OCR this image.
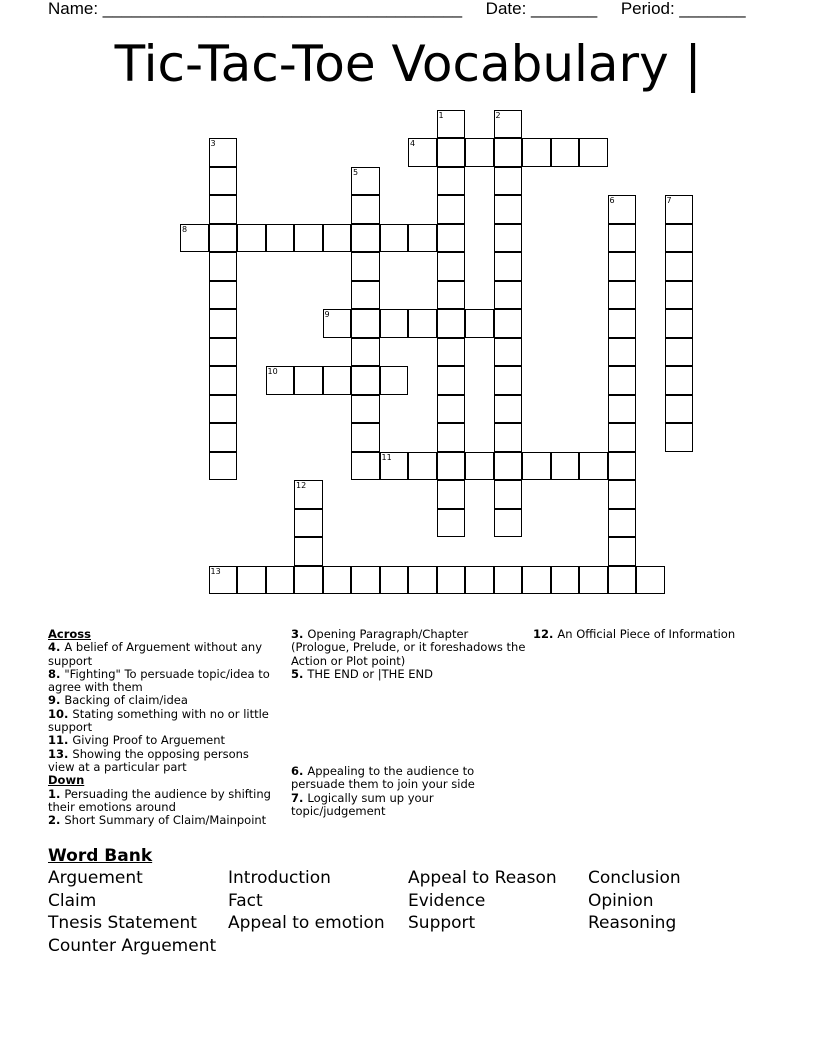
Name: ______________________________________     Date: _______     Period: _______
Tic-Tac-Toe Vocabulary |
1	2
3	4
5
6	7
8
9
10
11
12
13
Across
4. A belief of Arguement without any support
8. "Fighting" To persuade topic/idea to agree with them
9. Backing of claim/idea
10. Stating something with no or little support
11. Giving Proof to Arguement
13. Showing the opposing persons view at a particular part
Down
1. Persuading the audience by shifting their emotions around
2. Short Summary of Claim/Mainpoint
3. Opening Paragraph/Chapter (Prologue, Prelude, or it foreshadows the Action or Plot point)
5. THE END or |THE END
6. Appealing to the audience to persuade them to join your side
7. Logically sum up your topic/judgement
12. An Official Piece of Information
Word Bank
Arguement	Introduction	Appeal to Reason	Conclusion
Claim	Fact	Evidence	Opinion
Tnesis Statement	Appeal to emotion	Support	Reasoning
Counter Arguement
